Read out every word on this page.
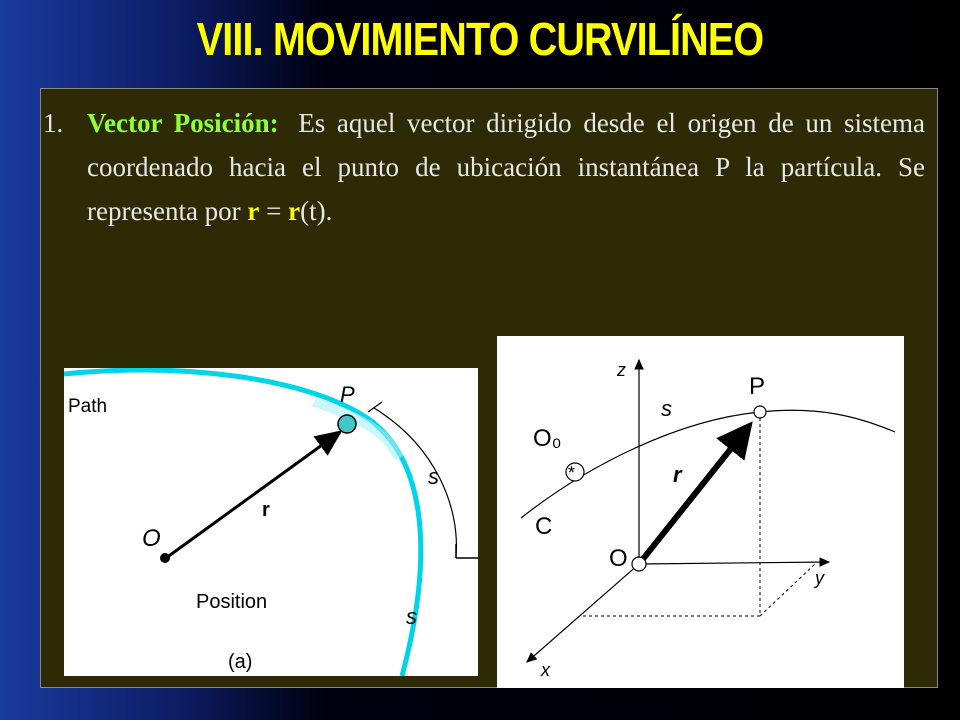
VIII. MOVIMIENTO CURVILÍNEO

1. Vector Posición: Es aquel vector dirigido desde el origen de un sistema coordenado hacia el punto de ubicación instantánea P la partícula. Se representa por r = r(t).

Path	P
O
r
s
s
Position
(a)
*
z
y
x
P
O
s
C
O₀
r
